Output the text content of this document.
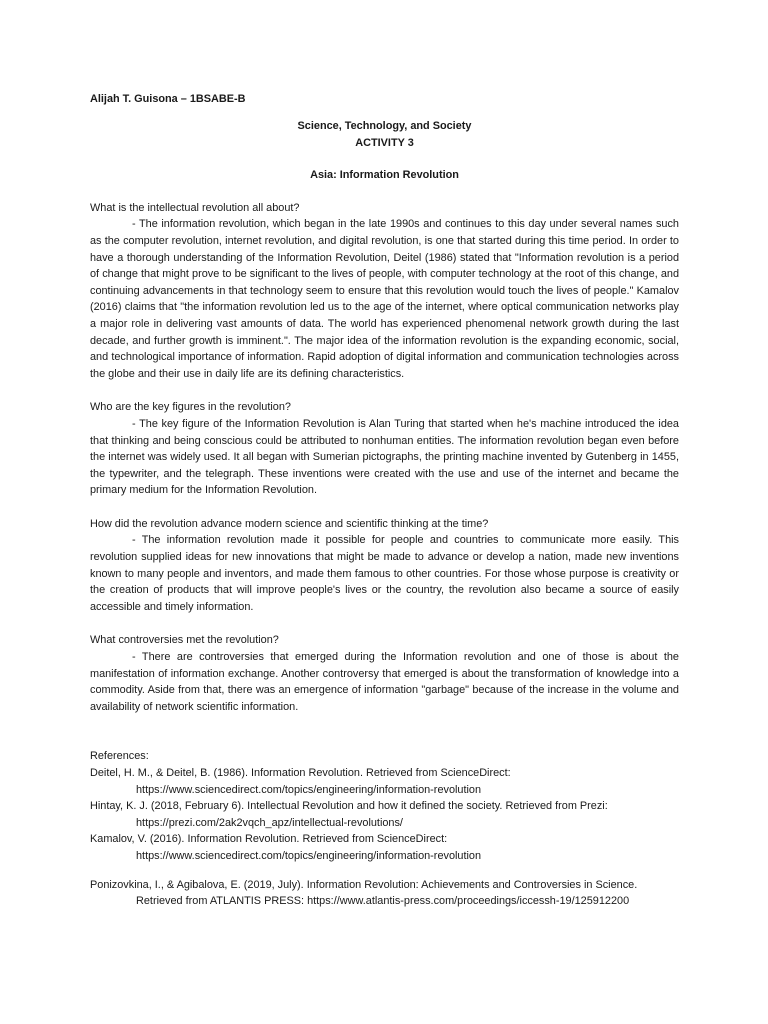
Alijah T. Guisona – 1BSABE-B
Science, Technology, and Society
ACTIVITY 3
Asia: Information Revolution

What is the intellectual revolution all about?

- The information revolution, which began in the late 1990s and continues to this day under several names such as the computer revolution, internet revolution, and digital revolution, is one that started during this time period. In order to have a thorough understanding of the Information Revolution, Deitel (1986) stated that "Information revolution is a period of change that might prove to be significant to the lives of people, with computer technology at the root of this change, and continuing advancements in that technology seem to ensure that this revolution would touch the lives of people." Kamalov (2016) claims that "the information revolution led us to the age of the internet, where optical communication networks play a major role in delivering vast amounts of data. The world has experienced phenomenal network growth during the last decade, and further growth is imminent.". The major idea of the information revolution is the expanding economic, social, and technological importance of information. Rapid adoption of digital information and communication technologies across the globe and their use in daily life are its defining characteristics.

Who are the key figures in the revolution?

- The key figure of the Information Revolution is Alan Turing that started when he's machine introduced the idea that thinking and being conscious could be attributed to nonhuman entities. The information revolution began even before the internet was widely used. It all began with Sumerian pictographs, the printing machine invented by Gutenberg in 1455, the typewriter, and the telegraph. These inventions were created with the use and use of the internet and became the primary medium for the Information Revolution.

How did the revolution advance modern science and scientific thinking at the time?

- The information revolution made it possible for people and countries to communicate more easily. This revolution supplied ideas for new innovations that might be made to advance or develop a nation, made new inventions known to many people and inventors, and made them famous to other countries. For those whose purpose is creativity or the creation of products that will improve people's lives or the country, the revolution also became a source of easily accessible and timely information.

What controversies met the revolution?

- There are controversies that emerged during the Information revolution and one of those is about the manifestation of information exchange. Another controversy that emerged is about the transformation of knowledge into a commodity. Aside from that, there was an emergence of information "garbage" because of the increase in the volume and availability of network scientific information.

References:

Deitel, H. M., & Deitel, B. (1986). Information Revolution. Retrieved from ScienceDirect: https://www.sciencedirect.com/topics/engineering/information-revolution

Hintay, K. J. (2018, February 6). Intellectual Revolution and how it defined the society. Retrieved from Prezi: https://prezi.com/2ak2vqch_apz/intellectual-revolutions/

Kamalov, V. (2016). Information Revolution. Retrieved from ScienceDirect: https://www.sciencedirect.com/topics/engineering/information-revolution

Ponizovkina, I., & Agibalova, E. (2019, July). Information Revolution: Achievements and Controversies in Science. Retrieved from ATLANTIS PRESS: https://www.atlantis-press.com/proceedings/iccessh-19/125912200
